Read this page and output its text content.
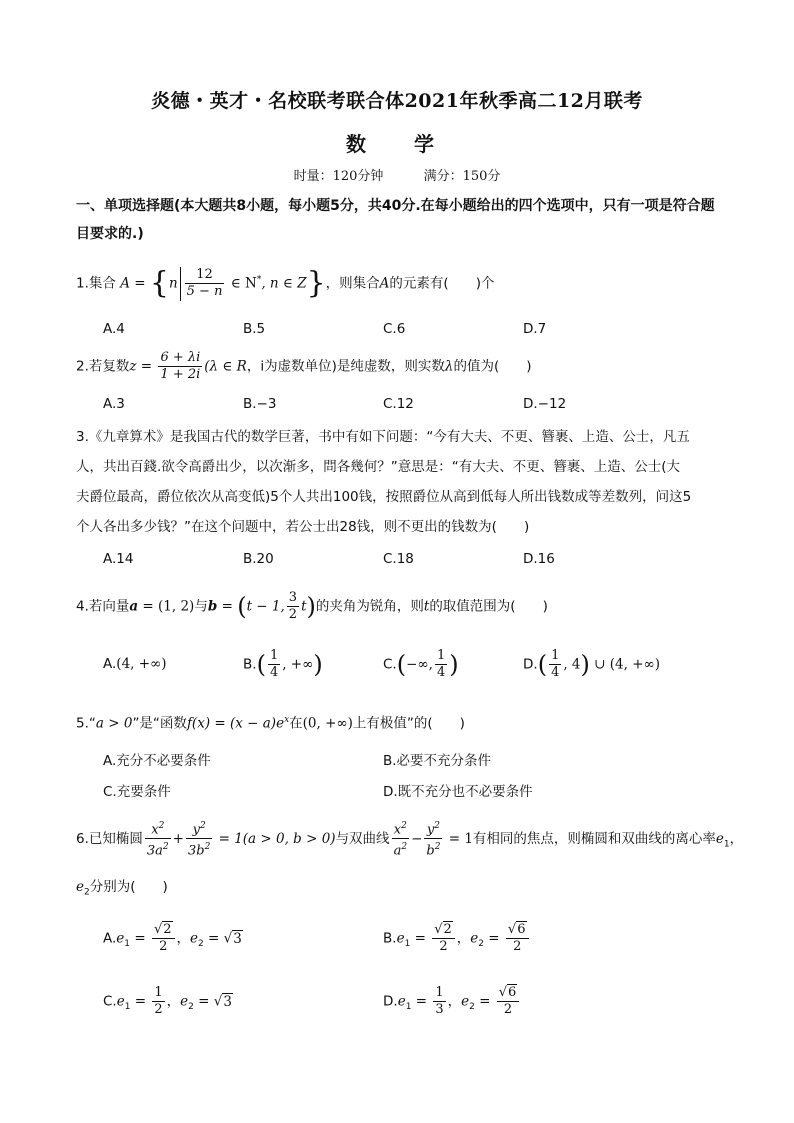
炎德・英才・名校联考联合体2021年秋季高二12月联考
数　学
时量：120分钟	满分：150分
一、单项选择题(本大题共8小题，每小题5分，共40分.在每小题给出的四个选项中，只有一项是符合题
目要求的.)
1.集合 $A = \{n \frac{12}{5 - n}$ ∈ N*, n ∈ Z}，则集合A的元素有(　　)个
A.4	B.5	C.6	D.7
2.若复数$z = \frac{6 + \lambda i}{1 + 2i} (\lambda$ ∈ R，i为虚数单位)是纯虚数，则实数λ的值为(　　)
A.3	B.−3	C.12	D.−12
3.《九章算术》是我国古代的数学巨著，书中有如下问题：“今有大夫、不更、簪裹、上造、公士，凡五
人，共出百錢.欲令高爵出少，以次渐多，問各幾何？”意思是：“有大夫、不更、簪裹、上造、公士(大
夫爵位最高，爵位依次从高变低)5个人共出100钱，按照爵位从高到低每人所出钱数成等差数列，问这5
个人各出多少钱？”在这个问题中，若公士出28钱，则不更出的钱数为(　　)
A.14	B.20	C.18	D.16
4.若向量a = (1, 2)与b = (t − 1, $\frac{3}{2} t$)的夹角为锐角，则t的取值范围为(　　)
A.(4, +∞)	$B.( \frac{1}{4}$ , +∞)	C.(−∞, $\frac{1}{4}$ )	$D.( \frac{1}{4}$ , 4) ∪ (4, +∞)
5.“a > 0”是“函数$f(x) = (x - a)e^x$在(0, +∞)上有极值”的(　　)
A.充分不必要条件	B.必要不充分条件
C.充要条件	D.既不充分也不必要条件
6.已知椭圆 $\frac{x^2}{3a^2} + \frac{y^2}{3b^2} = 1(a > 0$, b > 0)与双曲线 $\frac{x^2}{a^2} - \frac{y^2}{b^2} = 1$有相同的焦点，则椭圆和双曲线的离心率$e_1$，
$e_2$分别为(　　)
$A.e_1 = \frac{√2}{2}$ ，$e_2 = √3$	$B.e_1 = \frac{√2}{2}$ ，$e_2 = \frac{√6}{2}$
$C.e_1 = \frac{1}{2}$ ，$e_2 = √3$	$D.e_1 = \frac{1}{3}$ ，$e_2 = \frac{√6}{2}$
